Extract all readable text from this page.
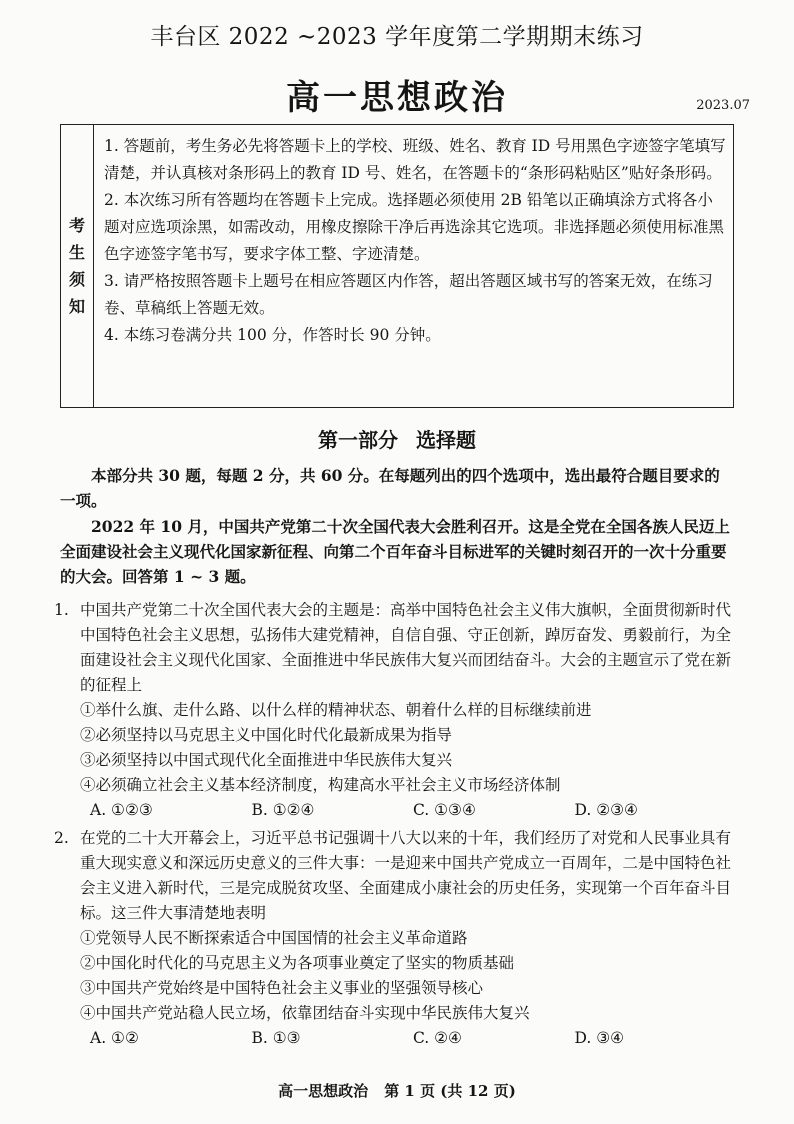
丰台区 2022 ~2023 学年度第二学期期末练习
高一思想政治	2023.07
考
生
须
知

1. 答题前，考生务必先将答题卡上的学校、班级、姓名、教育 ID 号用黑色字迹签字笔填写清楚，并认真核对条形码上的教育 ID 号、姓名，在答题卡的“条形码粘贴区”贴好条形码。

2. 本次练习所有答题均在答题卡上完成。选择题必须使用 2B 铅笔以正确填涂方式将各小题对应选项涂黑，如需改动，用橡皮擦除干净后再选涂其它选项。非选择题必须使用标准黑色字迹签字笔书写，要求字体工整、字迹清楚。

3. 请严格按照答题卡上题号在相应答题区内作答，超出答题区域书写的答案无效，在练习卷、草稿纸上答题无效。

4. 本练习卷满分共 100 分，作答时长 90 分钟。

第一部分 选择题

本部分共 30 题，每题 2 分，共 60 分。在每题列出的四个选项中，选出最符合题目要求的一项。

2022 年 10 月，中国共产党第二十次全国代表大会胜利召开。这是全党在全国各族人民迈上全面建设社会主义现代化国家新征程、向第二个百年奋斗目标进军的关键时刻召开的一次十分重要的大会。回答第 1 ~ 3 题。

1. 中国共产党第二十次全国代表大会的主题是：高举中国特色社会主义伟大旗帜，全面贯彻新时代中国特色社会主义思想，弘扬伟大建党精神，自信自强、守正创新，踔厉奋发、勇毅前行，为全面建设社会主义现代化国家、全面推进中华民族伟大复兴而团结奋斗。大会的主题宣示了党在新的征程上
①举什么旗、走什么路、以什么样的精神状态、朝着什么样的目标继续前进
②必须坚持以马克思主义中国化时代化最新成果为指导
③必须坚持以中国式现代化全面推进中华民族伟大复兴
④必须确立社会主义基本经济制度，构建高水平社会主义市场经济体制
A. ①②③	B. ①②④	C. ①③④	D. ②③④
2. 在党的二十大开幕会上，习近平总书记强调十八大以来的十年，我们经历了对党和人民事业具有重大现实意义和深远历史意义的三件大事：一是迎来中国共产党成立一百周年，二是中国特色社会主义进入新时代，三是完成脱贫攻坚、全面建成小康社会的历史任务，实现第一个百年奋斗目标。这三件大事清楚地表明
①党领导人民不断探索适合中国国情的社会主义革命道路
②中国化时代化的马克思主义为各项事业奠定了坚实的物质基础
③中国共产党始终是中国特色社会主义事业的坚强领导核心
④中国共产党站稳人民立场，依靠团结奋斗实现中华民族伟大复兴
A. ①②	B. ①③	C. ②④	D. ③④
高一思想政治 第 1 页 (共 12 页)
